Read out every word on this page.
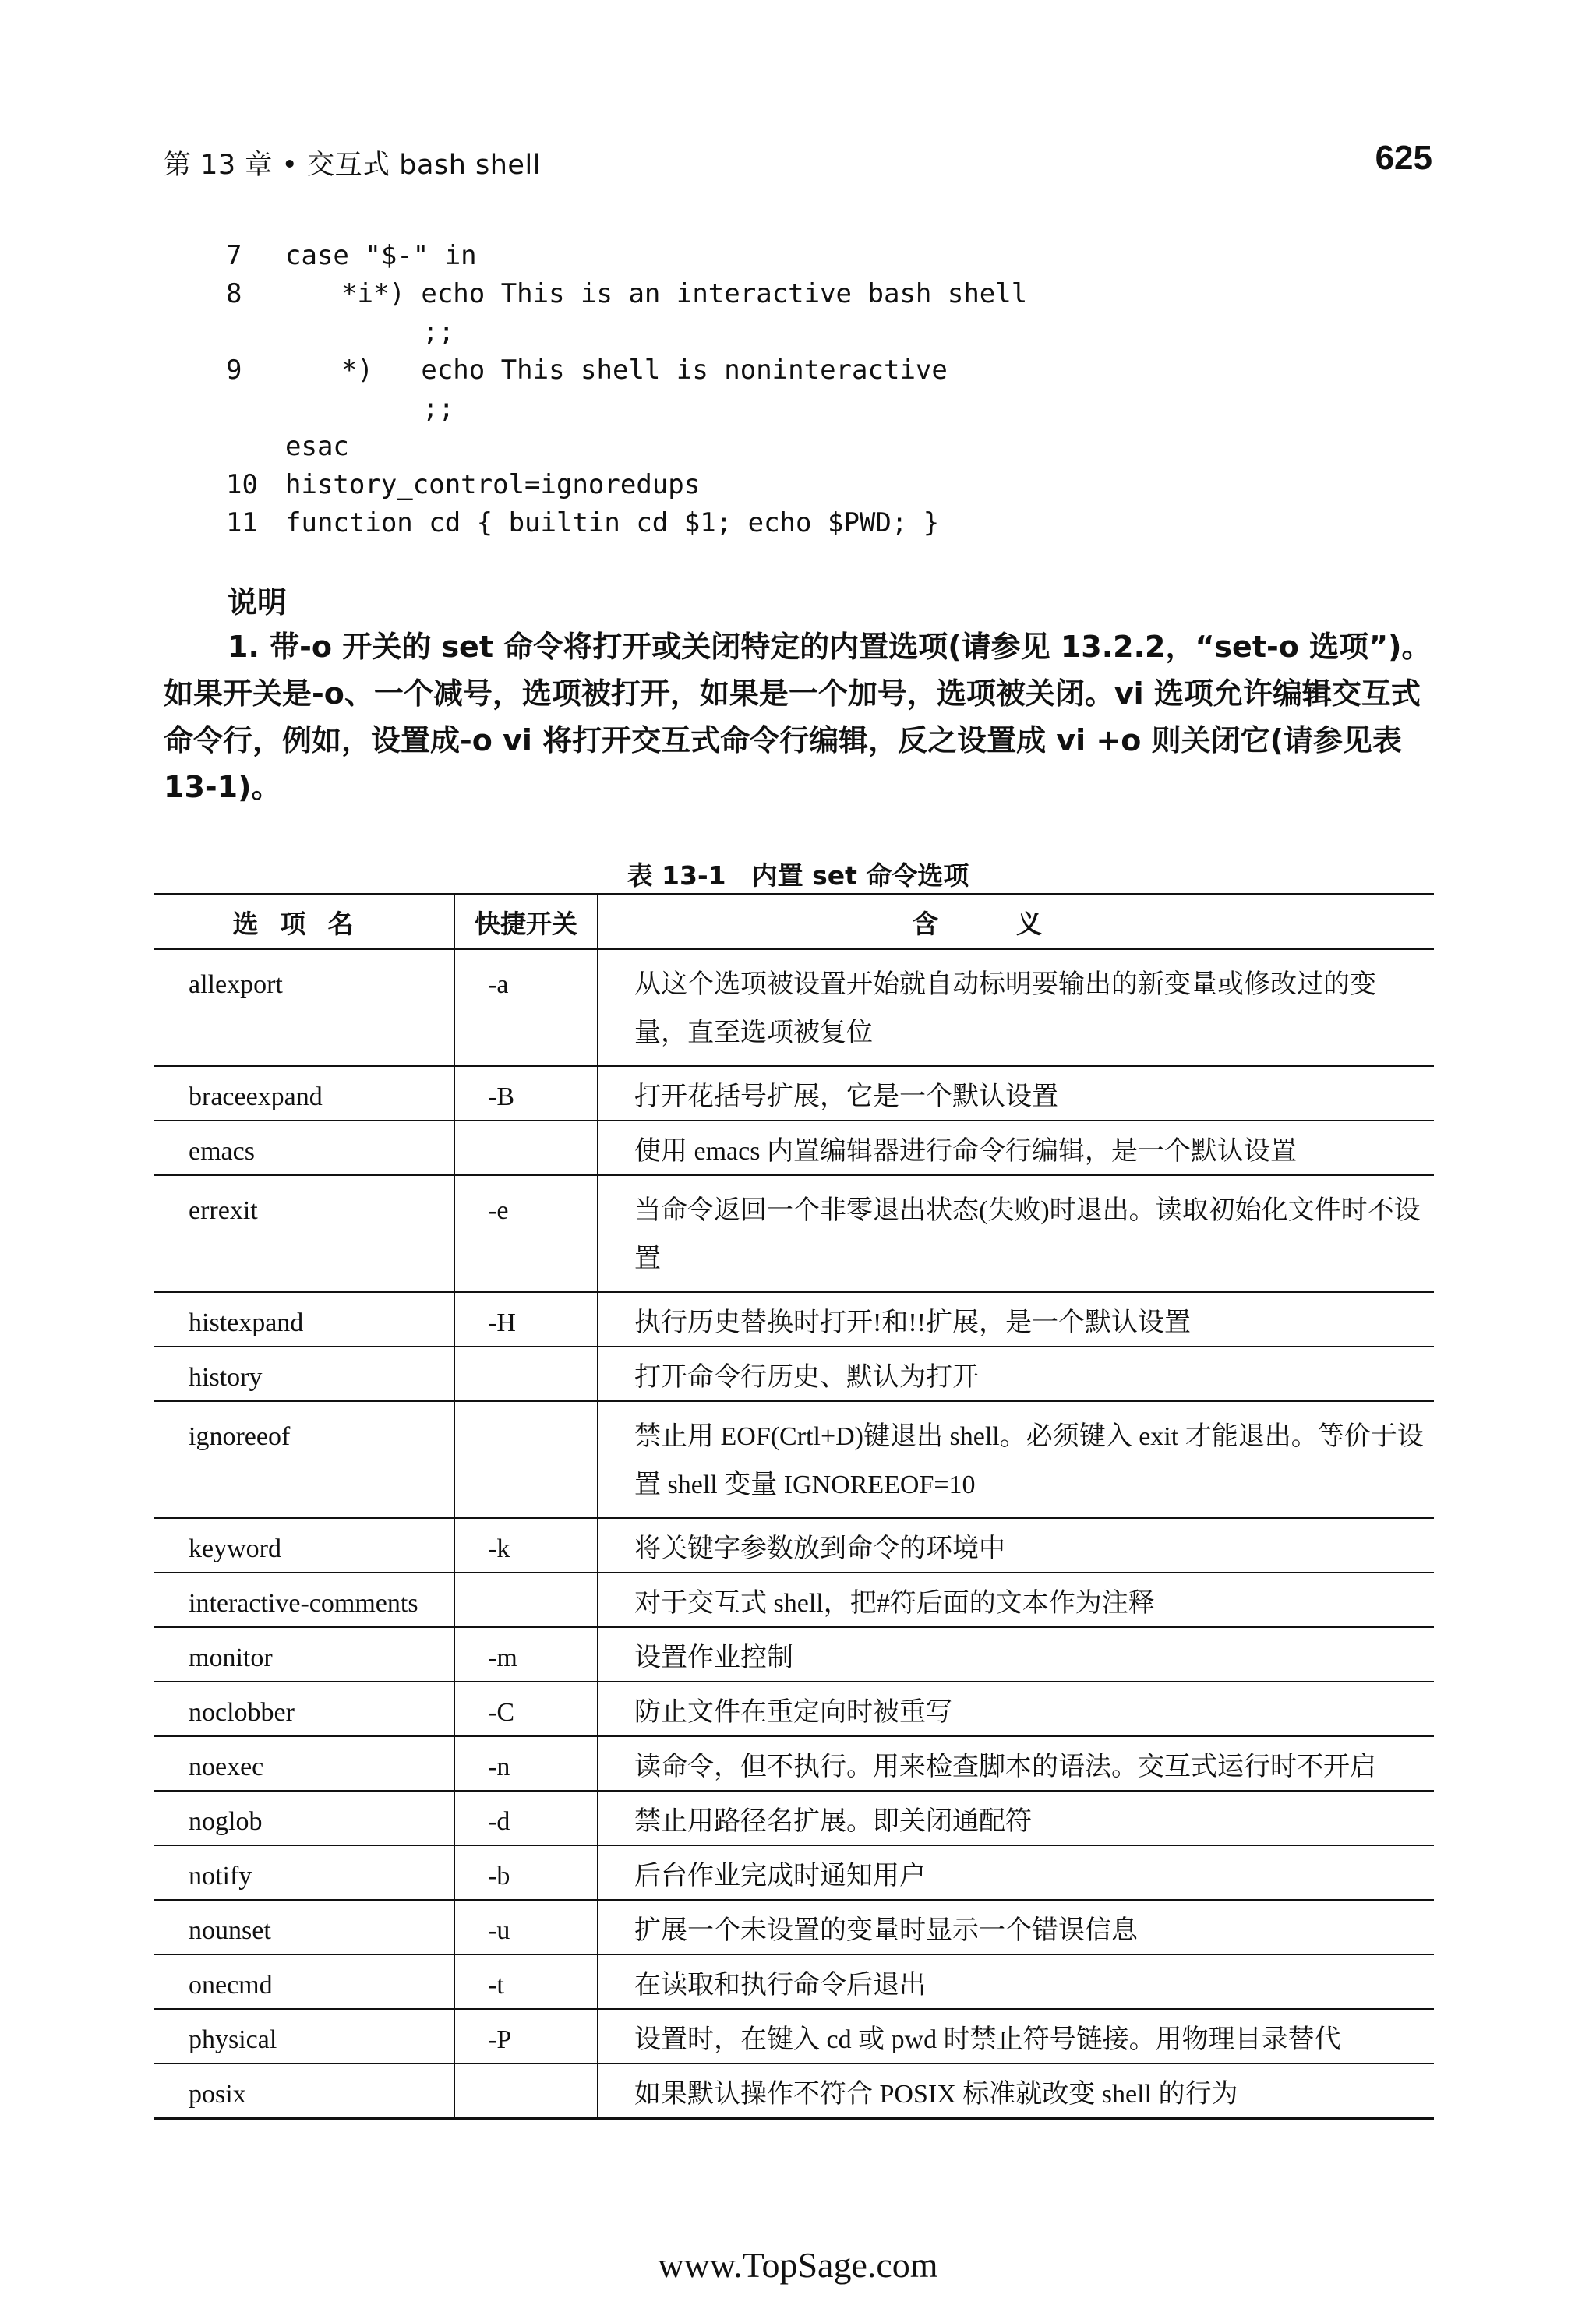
第 13 章 • 交互式 bash shell	625
7 case "$-" in
8	*i*) echo This is an interactive bash shell
;;
9	*)   echo This shell is noninteractive
;;
esac
10 history_control=ignoredups
11 function cd { builtin cd $1; echo $PWD; }
说明
1. 带-o 开关的 set 命令将打开或关闭特定的内置选项(请参见 13.2.2，“set-o 选项”)。如果开关是-o、一个减号，选项被打开，如果是一个加号，选项被关闭。vi 选项允许编辑交互式命令行，例如，设置成-o vi 将打开交互式命令行编辑，反之设置成 vi +o 则关闭它(请参见表 13-1)。
表 13-1　内置 set 命令选项
选项名	快捷开关	含义
allexport	-a	从这个选项被设置开始就自动标明要输出的新变量或修改过的变量，直至选项被复位
braceexpand	-B	打开花括号扩展，它是一个默认设置
emacs		使用 emacs 内置编辑器进行命令行编辑，是一个默认设置
errexit	-e	当命令返回一个非零退出状态(失败)时退出。读取初始化文件时不设置
histexpand	-H	执行历史替换时打开!和!!扩展，是一个默认设置
history		打开命令行历史、默认为打开
ignoreeof		禁止用 EOF(Crtl+D)键退出 shell。必须键入 exit 才能退出。等价于设置 shell 变量 IGNOREEOF=10
keyword	-k	将关键字参数放到命令的环境中
interactive-comments		对于交互式 shell，把#符后面的文本作为注释
monitor	-m	设置作业控制
noclobber	-C	防止文件在重定向时被重写
noexec	-n	读命令，但不执行。用来检查脚本的语法。交互式运行时不开启
noglob	-d	禁止用路径名扩展。即关闭通配符
notify	-b	后台作业完成时通知用户
nounset	-u	扩展一个未设置的变量时显示一个错误信息
onecmd	-t	在读取和执行命令后退出
physical	-P	设置时，在键入 cd 或 pwd 时禁止符号链接。用物理目录替代
posix		如果默认操作不符合 POSIX 标准就改变 shell 的行为
www.TopSage.com
